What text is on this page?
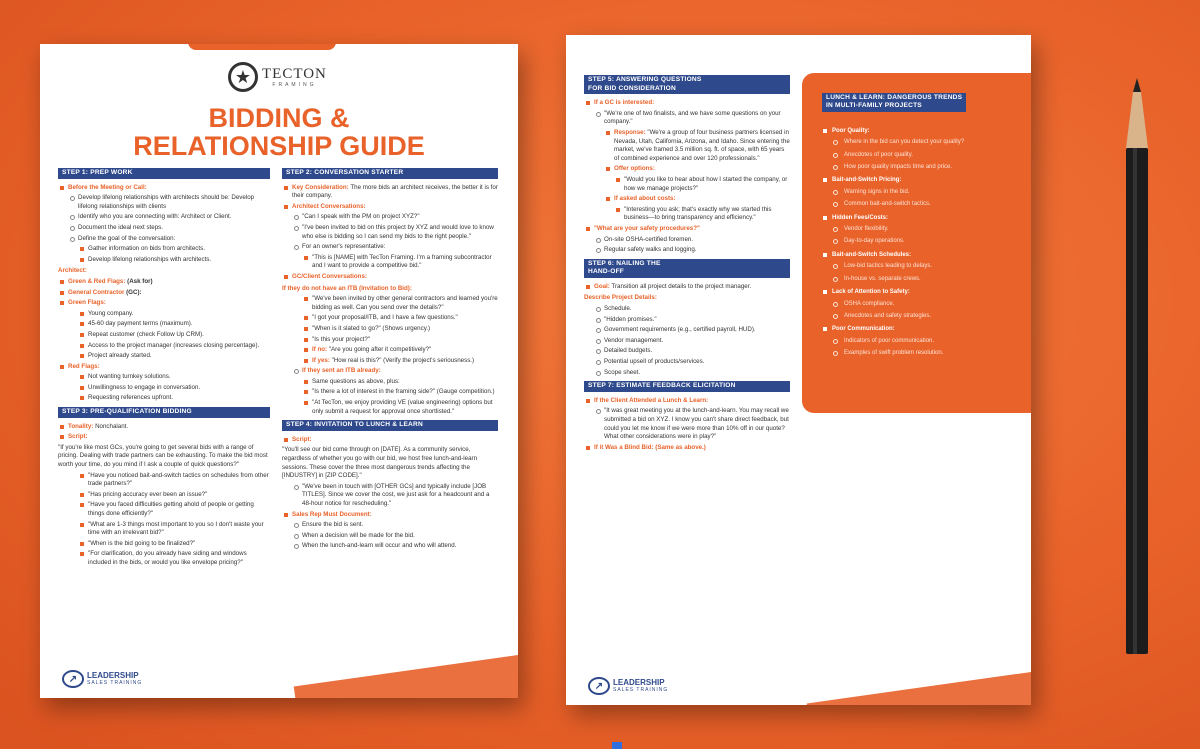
★ TECTON
FRAMING
BIDDING &
RELATIONSHIP GUIDE
STEP 1: PREP WORK
Before the Meeting or Call:
Develop lifelong relationships with architects should be: Develop lifelong relationships with clients
Identify who you are connecting with: Architect or Client.
Document the ideal next steps.
Define the goal of the conversation:
Gather information on bids from architects.
Develop lifelong relationships with architects.
Architect:
Green & Red Flags: (Ask for)
General Contractor (GC):
Green Flags:
Young company.
45-60 day payment terms (maximum).
Repeat customer (check Follow Up CRM).
Access to the project manager (increases closing percentage).
Project already started.
Red Flags:
Not wanting turnkey solutions.
Unwillingness to engage in conversation.
Requesting references upfront.
STEP 3: PRE-QUALIFICATION BIDDING
Tonality: Nonchalant.
Script:
"If you're like most GCs, you're going to get several bids with a range of pricing. Dealing with trade partners can be exhausting. To make the bid most worth your time, do you mind if I ask a couple of quick questions?"
"Have you noticed bait-and-switch tactics on schedules from other trade partners?"
"Has pricing accuracy ever been an issue?"
"Have you faced difficulties getting ahold of people or getting things done efficiently?"
"What are 1-3 things most important to you so I don't waste your time with an irrelevant bid?"
"When is the bid going to be finalized?"
"For clarification, do you already have siding and windows included in the bids, or would you like envelope pricing?"
STEP 2: CONVERSATION STARTER
Key Consideration: The more bids an architect receives, the better it is for their company.
Architect Conversations:
"Can I speak with the PM on project XYZ?"
"I've been invited to bid on this project by XYZ and would love to know who else is bidding so I can send my bids to the right people."
For an owner's representative:
"This is [NAME] with TecTon Framing. I'm a framing subcontractor and I want to provide a competitive bid."
GC/Client Conversations:
If they do not have an ITB (Invitation to Bid):
"We've been invited by other general contractors and learned you're bidding as well. Can you send over the details?"
"I got your proposal/ITB, and I have a few questions."
"When is it slated to go?" (Shows urgency.)
"Is this your project?"
If no: "Are you going after it competitively?"
If yes: "How real is this?" (Verify the project's seriousness.)
If they sent an ITB already:
Same questions as above, plus:
"Is there a lot of interest in the framing side?" (Gauge competition.)
"At TecTon, we enjoy providing VE (value engineering) options but only submit a request for approval once shortlisted."
STEP 4: INVITATION TO LUNCH & LEARN
Script:
"You'll see our bid come through on [DATE]. As a community service, regardless of whether you go with our bid, we host free lunch-and-learn sessions. These cover the three most dangerous trends affecting the [INDUSTRY] in [ZIP CODE]."
"We've been in touch with [OTHER GCs] and typically include [JOB TITLES]. Since we cover the cost, we just ask for a headcount and a 48-hour notice for rescheduling."
Sales Rep Must Document:
Ensure the bid is sent.
When a decision will be made for the bid.
When the lunch-and-learn will occur and who will attend.
↗	LEADERSHIP
SALES TRAINING
STEP 5: ANSWERING QUESTIONS
FOR BID CONSIDERATION
If a GC is interested:
"We're one of two finalists, and we have some questions on your company."
Response: "We're a group of four business partners licensed in Nevada, Utah, California, Arizona, and Idaho. Since entering the market, we've framed 3.5 million sq. ft. of space, with 65 years of combined experience and over 120 professionals."
Offer options:
"Would you like to hear about how I started the company, or how we manage projects?"
If asked about costs:
"Interesting you ask; that's exactly why we started this business—to bring transparency and efficiency."
"What are your safety procedures?"
On-site OSHA-certified foremen.
Regular safety walks and logging.
STEP 6: NAILING THE
HAND-OFF
Goal: Transition all project details to the project manager.
Describe Project Details:
Schedule.
"Hidden promises."
Government requirements (e.g., certified payroll, HUD).
Vendor management.
Detailed budgets.
Potential upsell of products/services.
Scope sheet.
STEP 7: ESTIMATE FEEDBACK ELICITATION
If the Client Attended a Lunch & Learn:
"It was great meeting you at the lunch-and-learn. You may recall we submitted a bid on XYZ. I know you can't share direct feedback, but could you let me know if we were more than 10% off in our quote? What other considerations were in play?"
If it Was a Blind Bid: (Same as above.)
LUNCH & LEARN: DANGEROUS TRENDS
IN MULTI-FAMILY PROJECTS
Poor Quality:
Where in the bid can you detect your quality?
Anecdotes of poor quality.
How poor quality impacts time and price.
Bait-and-Switch Pricing:
Warning signs in the bid.
Common bait-and-switch tactics.
Hidden Fees/Costs:
Vendor flexibility.
Day-to-day operations.
Bait-and-Switch Schedules:
Low-bid tactics leading to delays.
In-house vs. separate crews.
Lack of Attention to Safety:
OSHA compliance.
Anecdotes and safety strategies.
Poor Communication:
Indicators of poor communication.
Examples of swift problem resolution.
↗	LEADERSHIP
SALES TRAINING
